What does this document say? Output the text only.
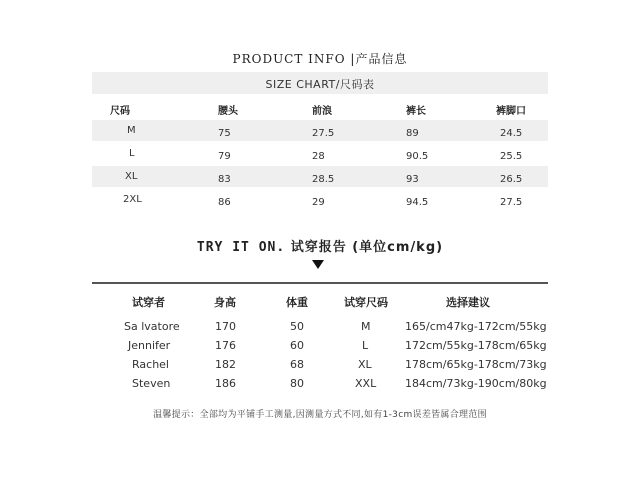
PRODUCT INFO |产品信息
SIZE CHART/尺码表
尺码	腰头	前浪	裤长	裤脚口
M	75	27.5	89	24.5
L	79	28	90.5	25.5
XL	83	28.5	93	26.5
2XL	86	29	94.5	27.5
TRY IT ON. 试穿报告 (单位cm/kg)
试穿者	身高	体重	试穿尺码	选择建议
Sa lvatore	170	50	M	165/cm47kg-172cm/55kg
Jennifer	176	60	L	172cm/55kg-178cm/65kg
Rachel	182	68	XL	178cm/65kg-178cm/73kg
Steven	186	80	XXL	184cm/73kg-190cm/80kg
温馨提示：全部均为平铺手工测量,因测量方式不同,如有1-3cm误差皆属合理范围
